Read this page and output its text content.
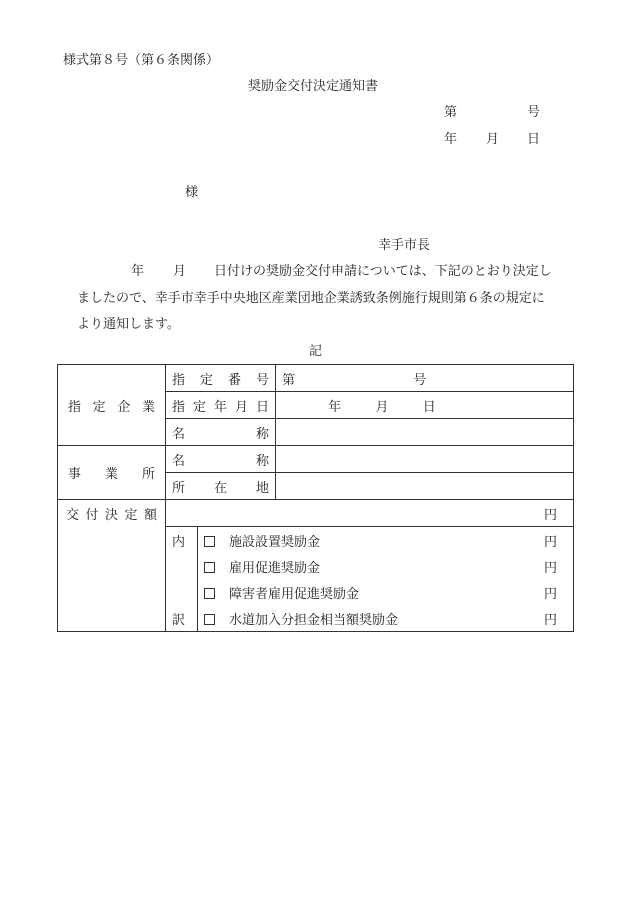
様式第８号（第６条関係）
奨励金交付決定通知書
第	号
年 月 日
様
幸手市長
年 月 日付けの奨励金交付申請については、下記のとおり決定し
ましたので、幸手市幸手中央地区産業団地企業誘致条例施行規則第６条の規定に
より通知します。
記
指 定 企 業	指 定 番 号		第 号

	指 定 年 月 日		年 月 日

	名 称		

事 業 所	名 称		

	所 在 地		

交 付 決 定 額	円		
	内	施設設置奨励金 円	

		雇用促進奨励金 円	

		障害者雇用促進奨励金 円	

	訳	水道加入分担金相当額奨励金 円	
